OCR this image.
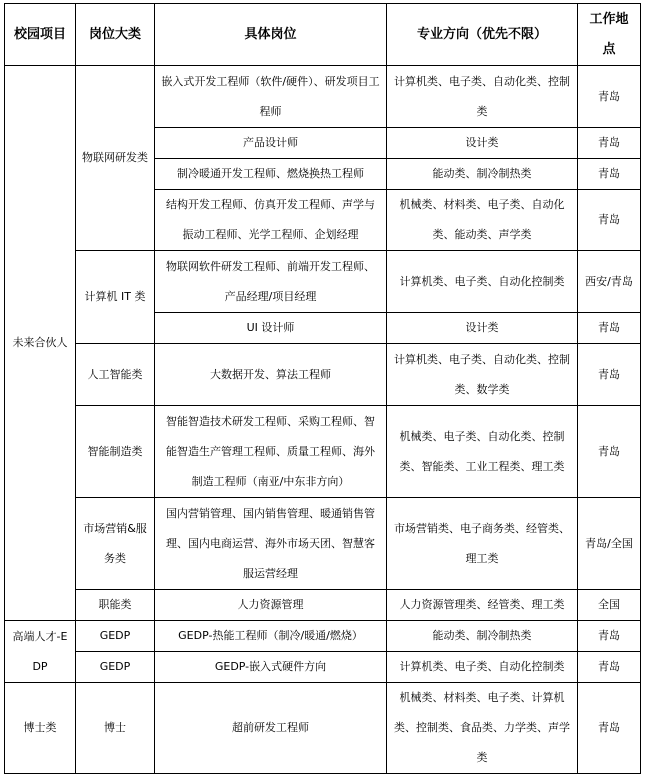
校园项目	岗位大类	具体岗位	专业方向（优先不限）	工作地点
未来合伙人	物联网研发类	嵌入式开发工程师（软件/硬件）、研发项目工程师	计算机类、电子类、自动化类、控制类	青岛
		产品设计师	设计类	青岛
		制冷暖通开发工程师、燃烧换热工程师	能动类、制冷制热类	青岛
		结构开发工程师、仿真开发工程师、声学与振动工程师、光学工程师、企划经理	机械类、材料类、电子类、自动化类、能动类、声学类	青岛
	计算机 IT 类	物联网软件研发工程师、前端开发工程师、产品经理/项目经理	计算机类、电子类、自动化控制类	西安/青岛
		UI 设计师	设计类	青岛
	人工智能类	大数据开发、算法工程师	计算机类、电子类、自动化类、控制类、数学类	青岛
	智能制造类	智能智造技术研发工程师、采购工程师、智能智造生产管理工程师、质量工程师、海外制造工程师（南亚/中东非方向）	机械类、电子类、自动化类、控制类、智能类、工业工程类、理工类	青岛
	市场营销&服务类	国内营销管理、国内销售管理、暖通销售管理、国内电商运营、海外市场天团、智慧客服运营经理	市场营销类、电子商务类、经管类、理工类	青岛/全国
	职能类	人力资源管理	人力资源管理类、经管类、理工类	全国
高端人才-EDP	GEDP	GEDP-热能工程师（制冷/暖通/燃烧）	能动类、制冷制热类	青岛
	GEDP	GEDP-嵌入式硬件方向	计算机类、电子类、自动化控制类	青岛
博士类	博士	超前研发工程师	机械类、材料类、电子类、计算机类、控制类、食品类、力学类、声学类	青岛
